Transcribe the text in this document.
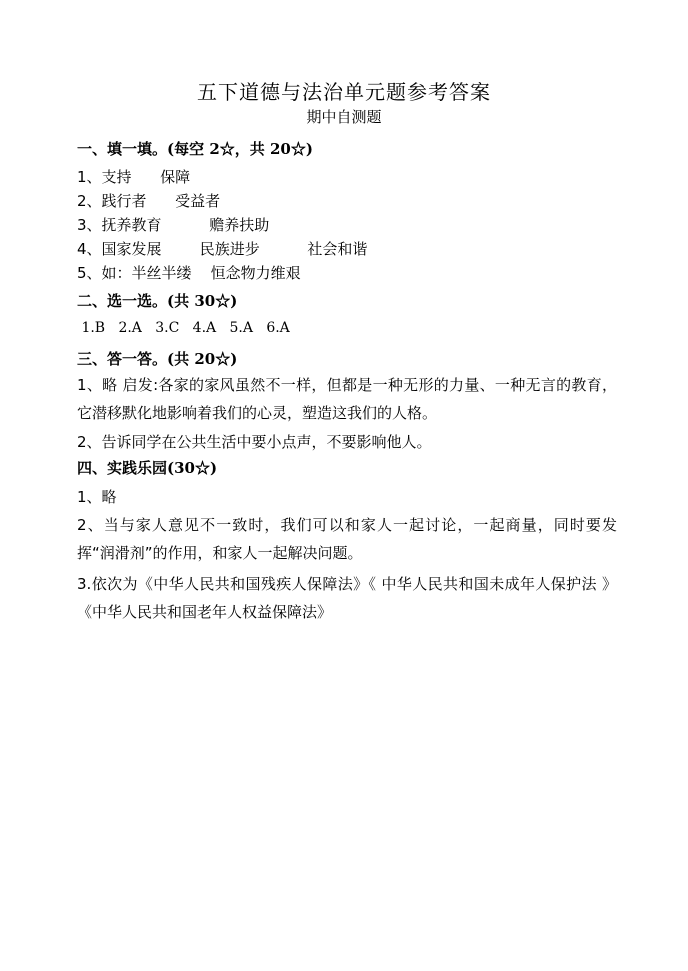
五下道德与法治单元题参考答案
期中自测题
一、填一填。(每空 2☆，共 20☆)
1、支持      保障
2、践行者      受益者
3、抚养教育          赡养扶助
4、国家发展        民族进步          社会和谐
5、如：半丝半缕    恒念物力维艰
二、选一选。(共 30☆)
1.B   2.A   3.C   4.A   5.A   6.A
三、答一答。(共 20☆)
1、略 启发:各家的家风虽然不一样，但都是一种无形的力量、一种无言的教育，它潜移默化地影响着我们的心灵，塑造这我们的人格。
2、告诉同学在公共生活中要小点声，不要影响他人。
四、实践乐园(30☆)
1、略
2、当与家人意见不一致时，我们可以和家人一起讨论，一起商量，同时要发挥“润滑剂”的作用，和家人一起解决问题。
3.依次为《中华人民共和国残疾人保障法》《 中华人民共和国未成年人保护法 》《中华人民共和国老年人权益保障法》
